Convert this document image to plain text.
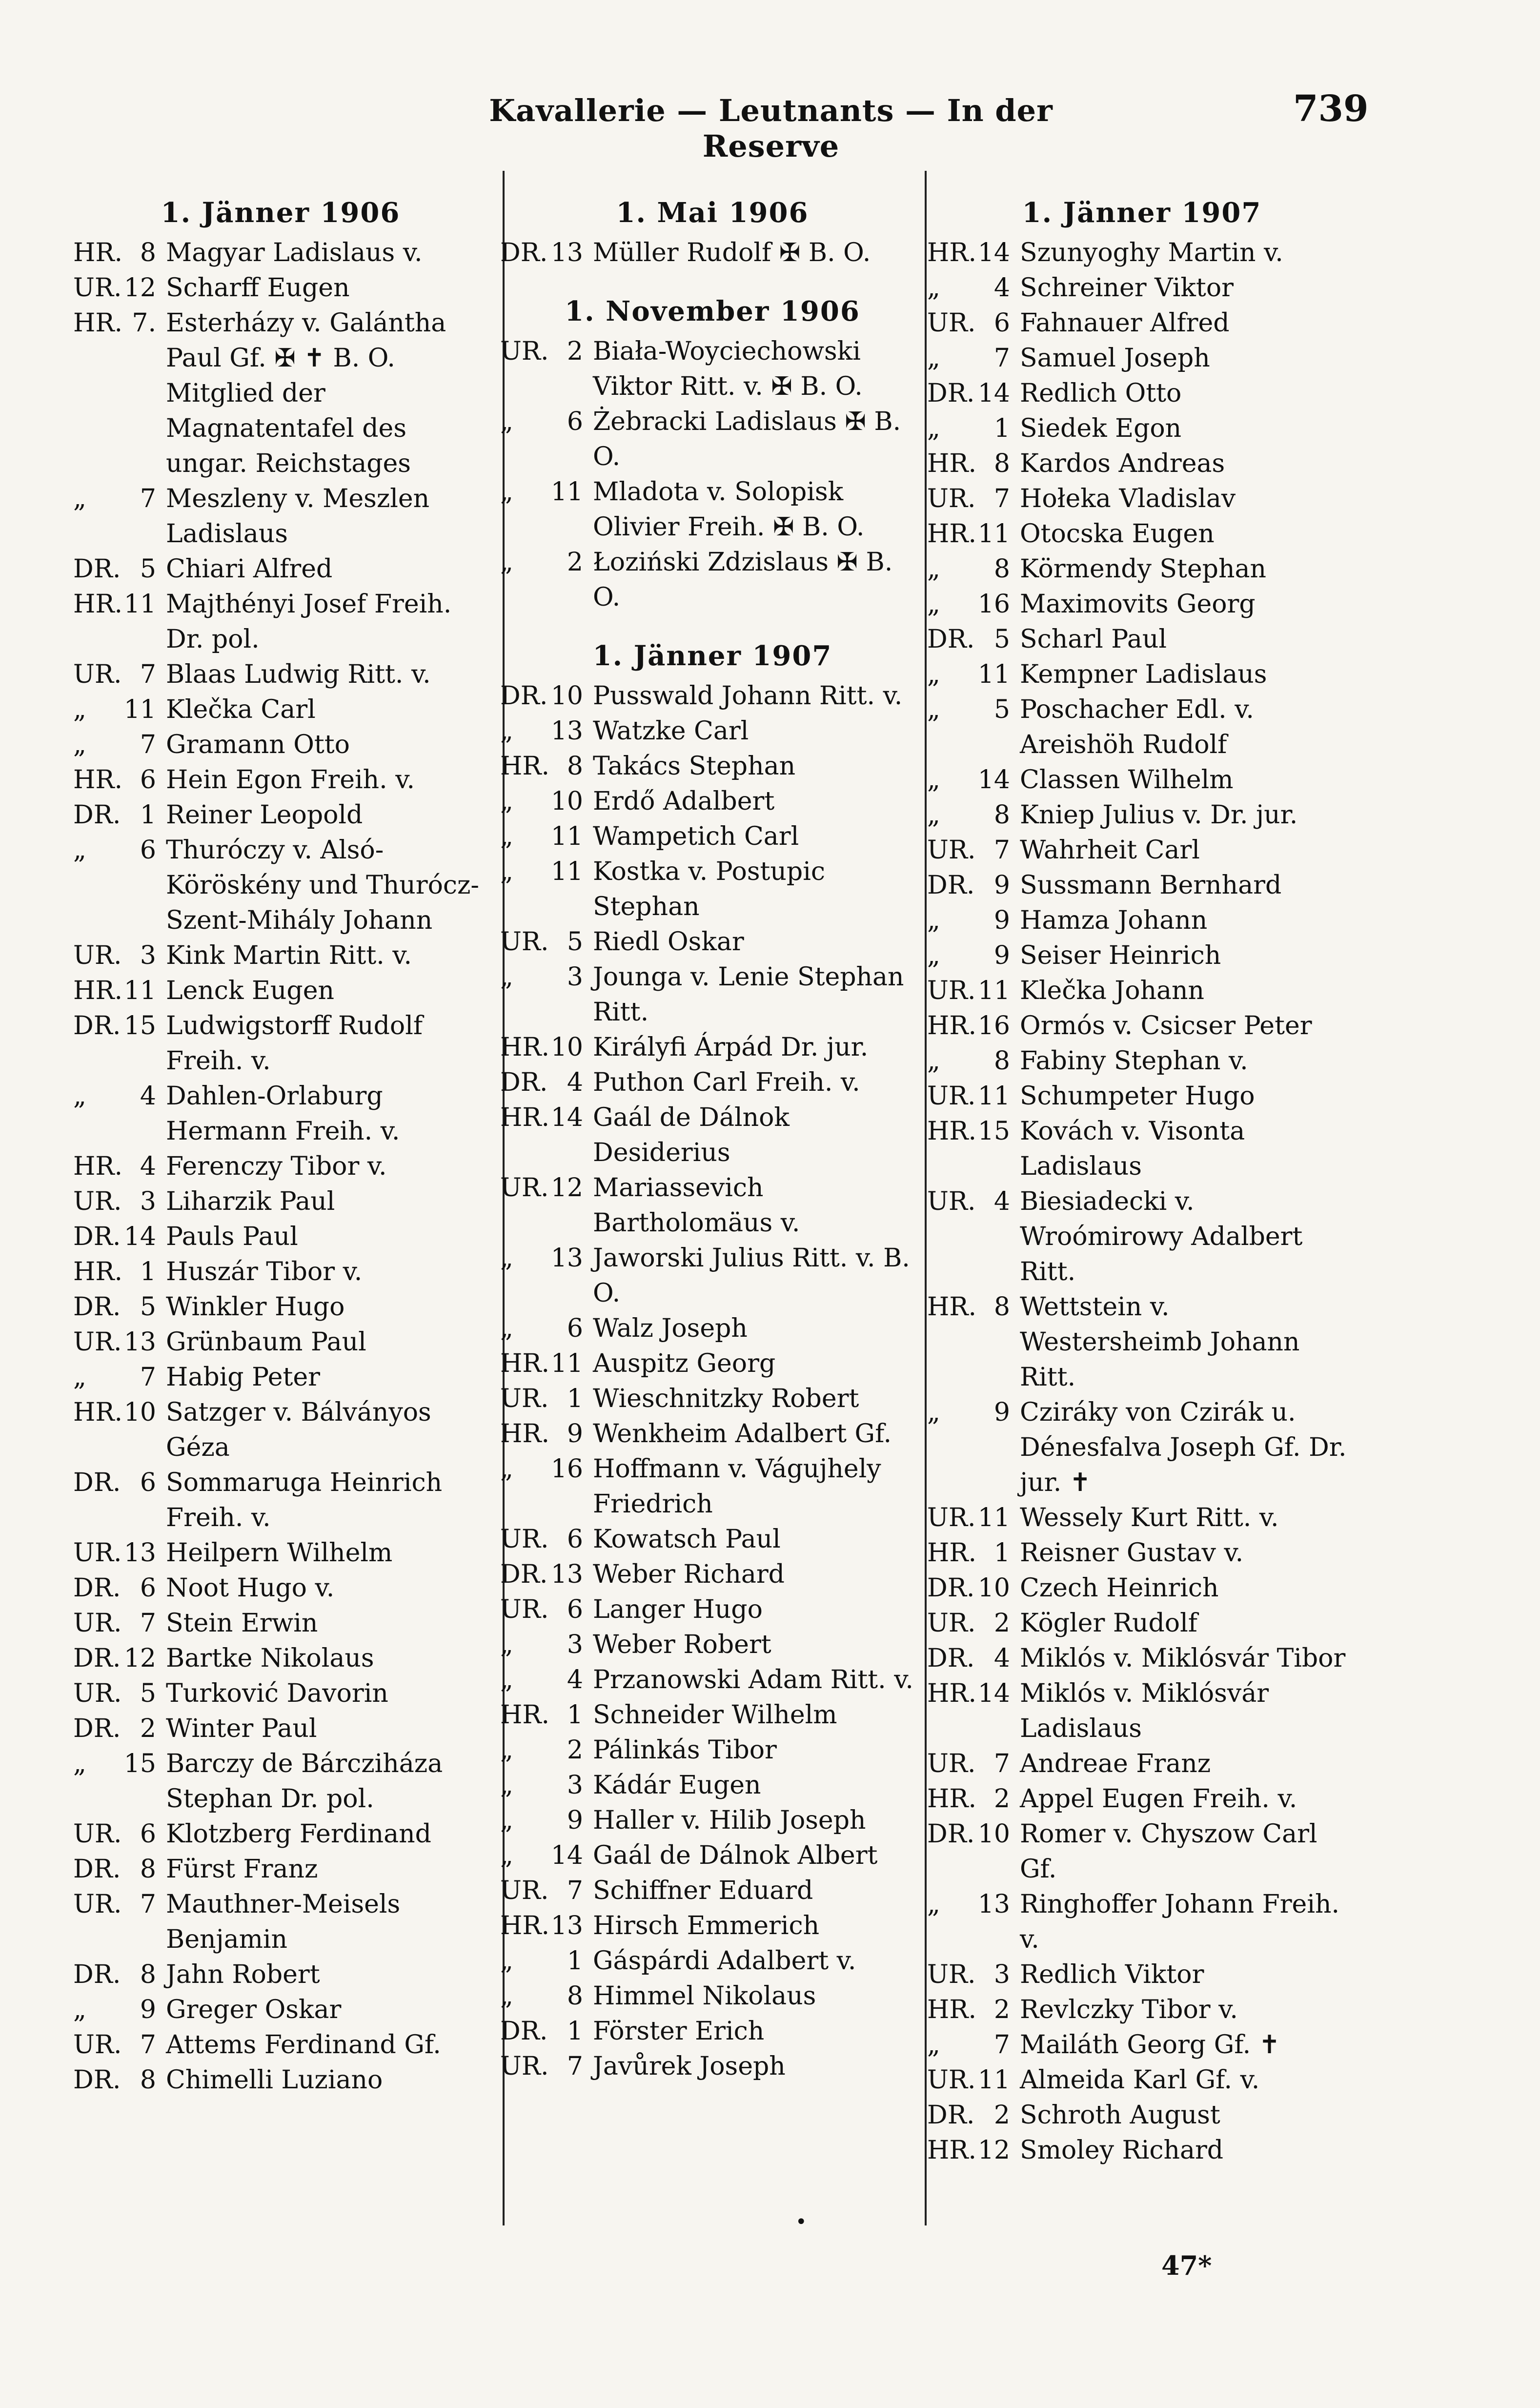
Kavallerie — Leutnants — In der Reserve
739
1. Jänner 1906
HR. 8 Magyar Ladislaus v.
UR. 12 Scharff Eugen
HR. 7. Esterházy v. Galántha Paul Gf. ✠ ✝ B. O. Mitglied der Magnatentafel des ungar. Reichstages
„	7 Meszleny v. Meszlen Ladislaus
DR. 5 Chiari Alfred
HR. 11 Majthényi Josef Freih. Dr. pol.
UR. 7 Blaas Ludwig Ritt. v.
„	11 Klečka Carl
„	7 Gramann Otto
HR. 6 Hein Egon Freih. v.
DR. 1 Reiner Leopold
„	6 Thuróczy v. Alsó-Köröskény und Thurócz-Szent-Mihály Johann
UR. 3 Kink Martin Ritt. v.
HR. 11 Lenck Eugen
DR. 15 Ludwigstorff Rudolf Freih. v.
„	4 Dahlen-Orlaburg Hermann Freih. v.
HR. 4 Ferenczy Tibor v.
UR. 3 Liharzik Paul
DR. 14 Pauls Paul
HR. 1 Huszár Tibor v.
DR. 5 Winkler Hugo
UR. 13 Grünbaum Paul
„	7 Habig Peter
HR. 10 Satzger v. Bálványos Géza
DR. 6 Sommaruga Heinrich Freih. v.
UR. 13 Heilpern Wilhelm
DR. 6 Noot Hugo v.
UR. 7 Stein Erwin
DR. 12 Bartke Nikolaus
UR. 5 Turković Davorin
DR. 2 Winter Paul
„	15 Barczy de Bárcziháza Stephan Dr. pol.
UR. 6 Klotzberg Ferdinand
DR. 8 Fürst Franz
UR. 7 Mauthner-Meisels Benjamin
DR. 8 Jahn Robert
„	9 Greger Oskar
UR. 7 Attems Ferdinand Gf.
DR. 8 Chimelli Luziano
1. Mai 1906
DR. 13 Müller Rudolf ✠ B. O.
1. November 1906
UR. 2 Biała-Woyciechowski Viktor Ritt. v. ✠ B. O.
„	6 Żebracki Ladislaus ✠ B. O.
„	11 Mladota v. Solopisk Olivier Freih. ✠ B. O.
„	2 Łoziński Zdzislaus ✠ B. O.
1. Jänner 1907
DR. 10 Pusswald Johann Ritt. v.
„	13 Watzke Carl
HR. 8 Takács Stephan
„	10 Erdő Adalbert
„	11 Wampetich Carl
„	11 Kostka v. Postupic Stephan
UR. 5 Riedl Oskar
„	3 Jounga v. Lenie Stephan Ritt.
HR. 10 Királyfi Árpád Dr. jur.
DR. 4 Puthon Carl Freih. v.
HR. 14 Gaál de Dálnok Desiderius
UR. 12 Mariassevich Bartholomäus v.
„	13 Jaworski Julius Ritt. v. B. O.
„	6 Walz Joseph
HR. 11 Auspitz Georg
UR. 1 Wieschnitzky Robert
HR. 9 Wenkheim Adalbert Gf.
„	16 Hoffmann v. Vágujhely Friedrich
UR. 6 Kowatsch Paul
DR. 13 Weber Richard
UR. 6 Langer Hugo
„	3 Weber Robert
„	4 Przanowski Adam Ritt. v.
HR. 1 Schneider Wilhelm
„	2 Pálinkás Tibor
„	3 Kádár Eugen
„	9 Haller v. Hilib Joseph
„	14 Gaál de Dálnok Albert
UR. 7 Schiffner Eduard
HR. 13 Hirsch Emmerich
„	1 Gáspárdi Adalbert v.
„	8 Himmel Nikolaus
DR. 1 Förster Erich
UR. 7 Javůrek Joseph
1. Jänner 1907
HR. 14 Szunyoghy Martin v.
„	4 Schreiner Viktor
UR. 6 Fahnauer Alfred
„	7 Samuel Joseph
DR. 14 Redlich Otto
„	1 Siedek Egon
HR. 8 Kardos Andreas
UR. 7 Hołeka Vladislav
HR. 11 Otocska Eugen
„	8 Körmendy Stephan
„	16 Maximovits Georg
DR. 5 Scharl Paul
„	11 Kempner Ladislaus
„	5 Poschacher Edl. v. Areishöh Rudolf
„	14 Classen Wilhelm
„	8 Kniep Julius v. Dr. jur.
UR. 7 Wahrheit Carl
DR. 9 Sussmann Bernhard
„	9 Hamza Johann
„	9 Seiser Heinrich
UR. 11 Klečka Johann
HR. 16 Ormós v. Csicser Peter
„	8 Fabiny Stephan v.
UR. 11 Schumpeter Hugo
HR. 15 Kovách v. Visonta Ladislaus
UR. 4 Biesiadecki v. Wroómirowy Adalbert Ritt.
HR. 8 Wettstein v. Westersheimb Johann Ritt.
„	9 Cziráky von Czirák u. Dénesfalva Joseph Gf. Dr. jur. ✝
UR. 11 Wessely Kurt Ritt. v.
HR. 1 Reisner Gustav v.
DR. 10 Czech Heinrich
UR. 2 Kögler Rudolf
DR. 4 Miklós v. Miklósvár Tibor
HR. 14 Miklós v. Miklósvár Ladislaus
UR. 7 Andreae Franz
HR. 2 Appel Eugen Freih. v.
DR. 10 Romer v. Chyszow Carl Gf.
„	13 Ringhoffer Johann Freih. v.
UR. 3 Redlich Viktor
HR. 2 Revlczky Tibor v.
„	7 Mailáth Georg Gf. ✝
UR. 11 Almeida Karl Gf. v.
DR. 2 Schroth August
HR. 12 Smoley Richard
•
47*
